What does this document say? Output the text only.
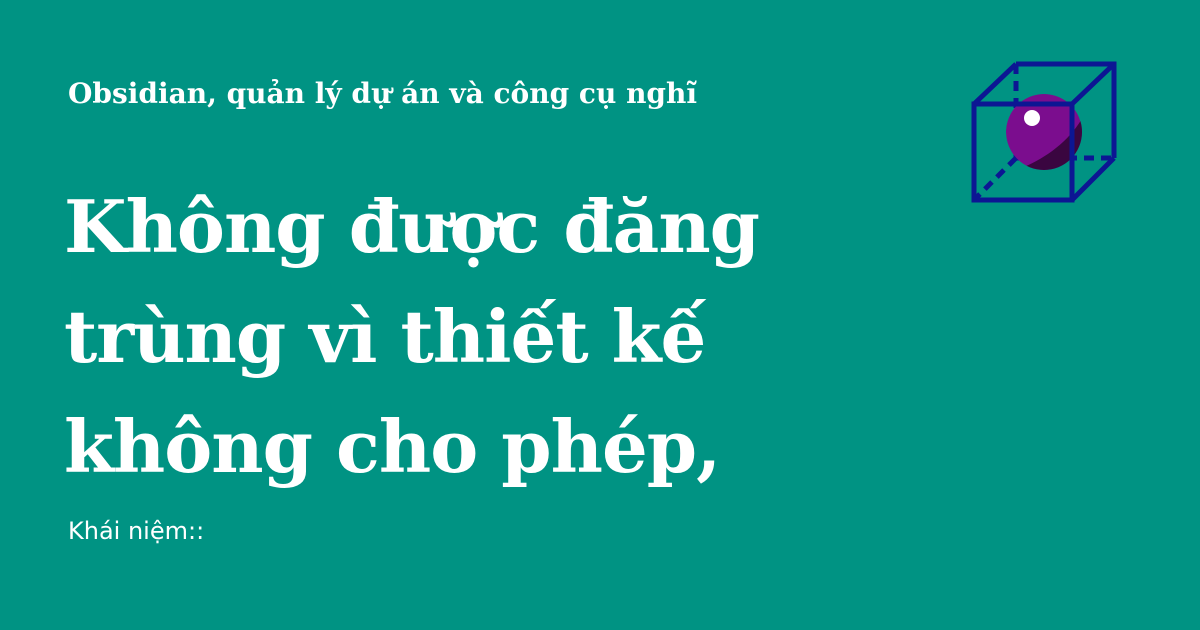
Obsidian, quản lý dự án và công cụ nghĩ
Không được đăng
trùng vì thiết kế
không cho phép,
Khái niệm::
